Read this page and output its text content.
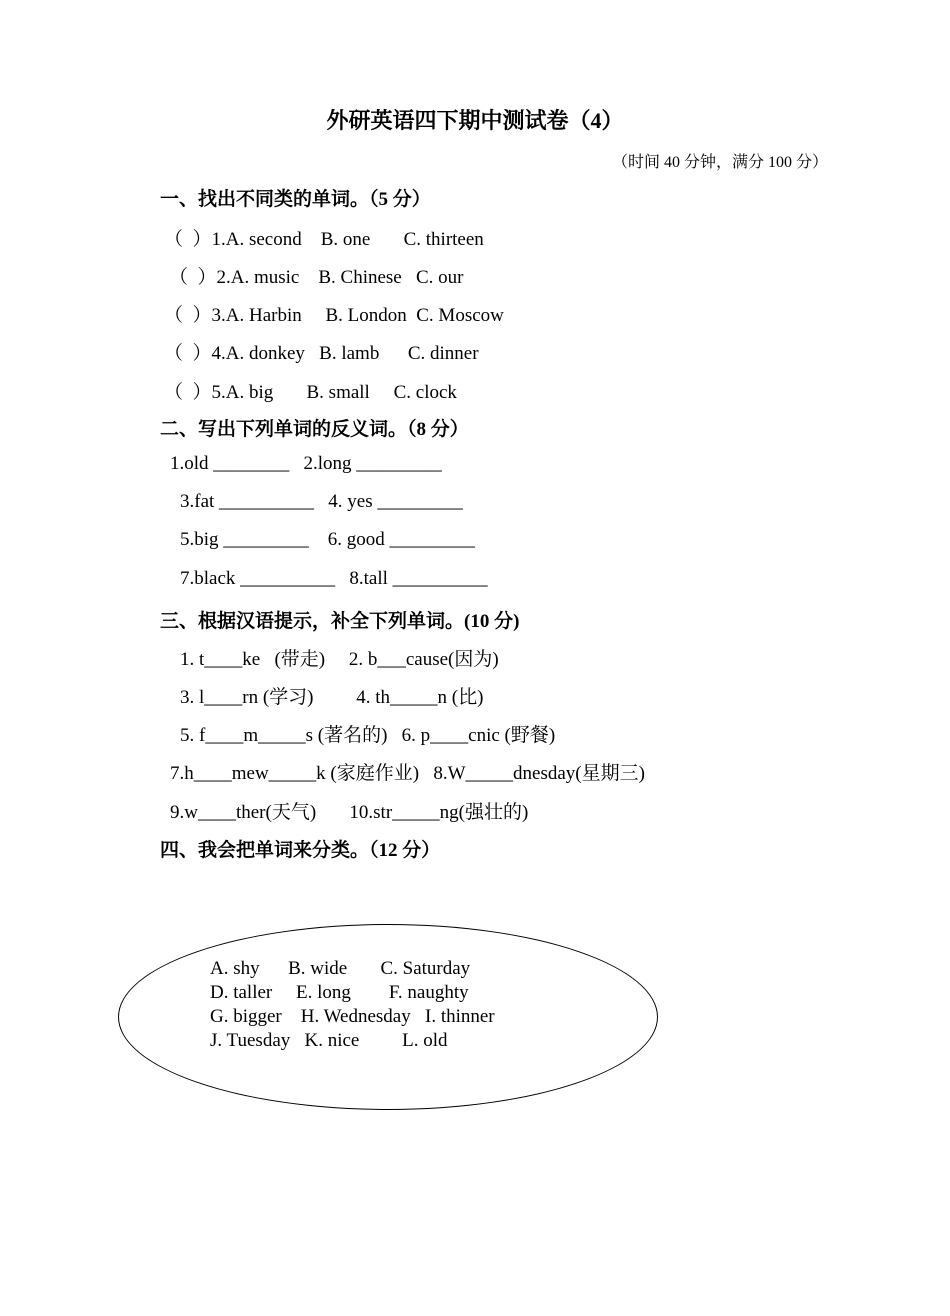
外研英语四下期中测试卷（4）
（时间 40 分钟，满分 100 分）
一、找出不同类的单词。（5 分）
（  ）1.A. second    B. one       C. thirteen
（  ）2.A. music    B. Chinese   C. our
（  ）3.A. Harbin     B. London  C. Moscow
（  ）4.A. donkey   B. lamb      C. dinner
（  ）5.A. big       B. small     C. clock
二、写出下列单词的反义词。（8 分）
1.old ________   2.long _________
3.fat __________   4. yes _________
5.big _________    6. good _________
7.black __________   8.tall __________
三、根据汉语提示，补全下列单词。(10 分)
1. t____ke   (带走)     2. b___cause(因为)
3. l____rn (学习)         4. th_____n (比)
5. f____m_____s (著名的)   6. p____cnic (野餐)
7.h____mew_____k (家庭作业)   8.W_____dnesday(星期三)
9.w____ther(天气)       10.str_____ng(强壮的)
四、我会把单词来分类。（12 分）
A. shy      B. wide       C. Saturday
D. taller     E. long        F. naughty
G. bigger    H. Wednesday   I. thinner
J. Tuesday   K. nice         L. old
